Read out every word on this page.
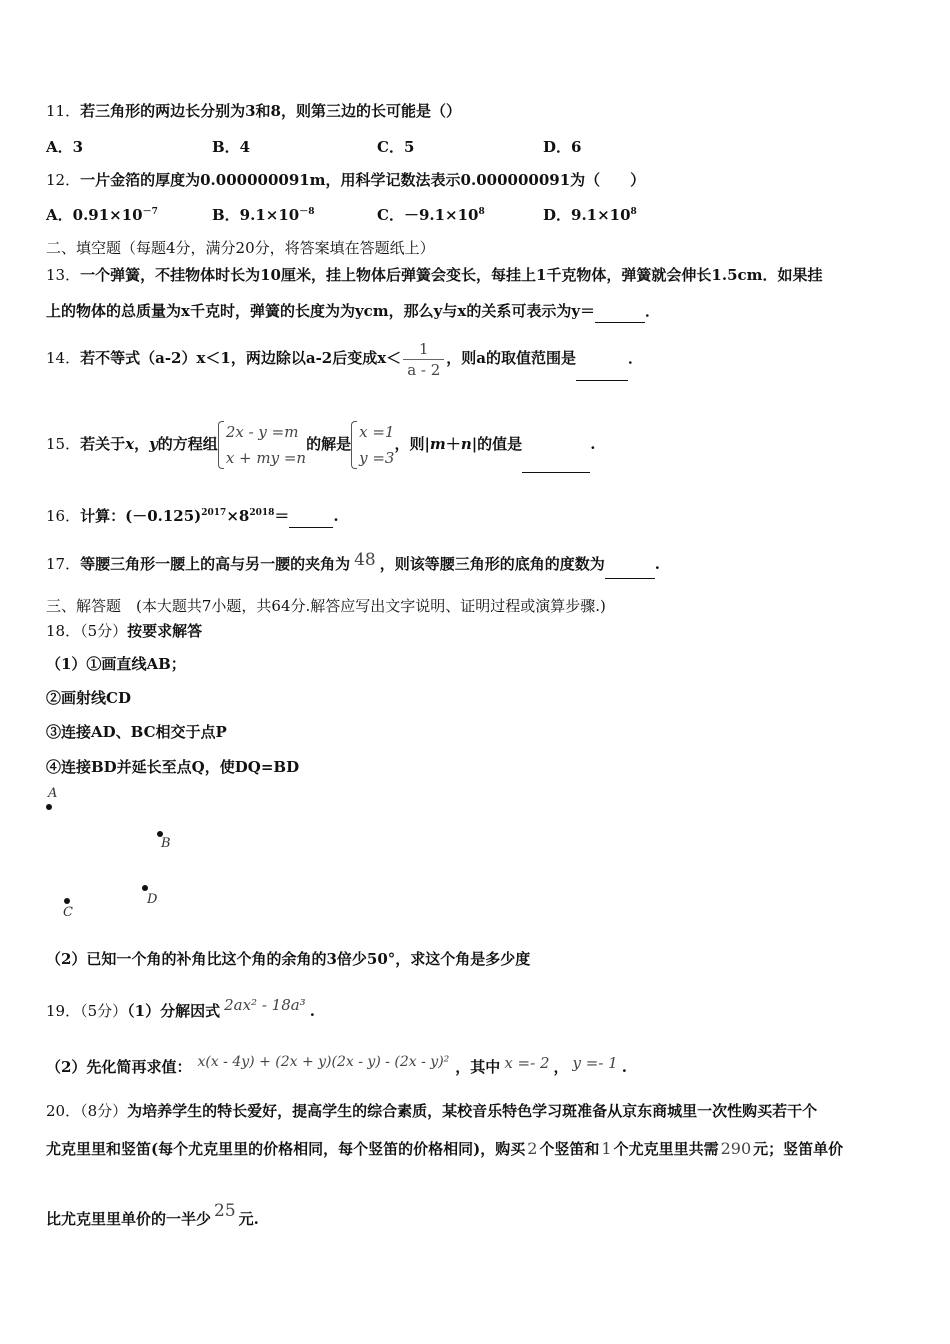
11．若三角形的两边长分别为3和8，则第三边的长可能是（）
A．3	B．4	C．5	D．6
12．一片金箔的厚度为0.000000091m，用科学记数法表示0.000000091为（　　）
A．$0.91\times 10^{-7}$	B．$9.1\times 10^{-8}$	C．$-9.1\times 10^8$	D．$9.1\times 10^8$
二、填空题（每题4分，满分20分，将答案填在答题纸上）
13．一个弹簧，不挂物体时长为10厘米，挂上物体后弹簧会变长，每挂上1千克物体，弹簧就会伸长1.5cm．如果挂
上的物体的总质量为x千克时，弹簧的长度为为ycm，那么y与x的关系可表示为y＝	．
14．若不等式（a-2）x＜1，两边除以a-2后变成$x< \frac{1}{a - 2}$ ，则a的取值范围是	．
15．若关于x，y的方程组
2x - y =m
x + my =n
的解是
x =1
y =3
，则|m＋n|的值是	.
16．计算：$(-0.125)^{2017}\times 8^{2018}=$	.
17．等腰三角形一腰上的高与另一腰的夹角为 48 ，则该等腰三角形的底角的度数为	.
三、解答题　(本大题共7小题，共64分.解答应写出文字说明、证明过程或演算步骤.)
18．（5分）按要求解答
（1）①画直线AB；
②画射线CD
③连接AD、BC相交于点P
④连接BD并延长至点Q，使DQ=BD
A
B
C
D
（2）已知一个角的补角比这个角的余角的3倍少50°，求这个角是多少度
19．（5分）（1）分解因式 2ax² - 18a³ .
（2）先化简再求值： x(x - 4y) + (2x + y)(2x - y) - (2x - y)² ，其中 x =- 2 ， y =- 1 .
20．（8分）为培养学生的特长爱好，提高学生的综合素质，某校音乐特色学习斑准备从京东商城里一次性购买若干个
尤克里里和竖笛(每个尤克里里的价格相同，每个竖笛的价格相同)，购买 2 个竖笛和 1 个尤克里里共需 290 元；竖笛单价
比尤克里里单价的一半少 25 元.
